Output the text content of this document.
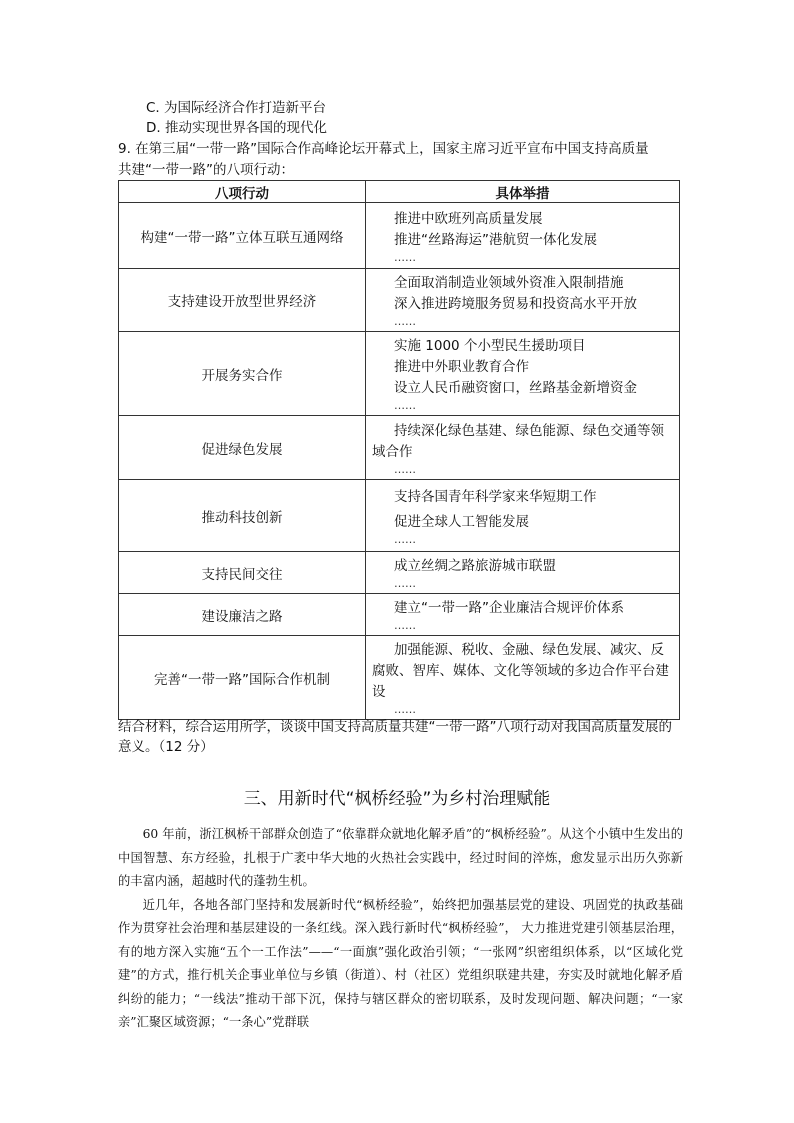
C. 为国际经济合作打造新平台
D. 推动实现世界各国的现代化
9. 在第三届“一带一路”国际合作高峰论坛开幕式上，国家主席习近平宣布中国支持高质量
共建“一带一路”的八项行动：
八项行动	具体举措
构建“一带一路”立体互联互通网络	推进中欧班列高质量发展
推进“丝路海运”港航贸一体化发展
……

支持建设开放型世界经济	全面取消制造业领域外资准入限制措施
深入推进跨境服务贸易和投资高水平开放
……

开展务实合作	实施 1000 个小型民生援助项目
推进中外职业教育合作
设立人民币融资窗口，丝路基金新增资金
……

促进绿色发展	持续深化绿色基建、绿色能源、绿色交通等领域合作
……

推动科技创新	支持各国青年科学家来华短期工作
促进全球人工智能发展
……

支持民间交往	成立丝绸之路旅游城市联盟
……

建设廉洁之路	建立“一带一路”企业廉洁合规评价体系
……

完善“一带一路”国际合作机制	加强能源、税收、金融、绿色发展、减灾、反腐败、智库、媒体、文化等领域的多边合作平台建设
……
结合材料，综合运用所学，谈谈中国支持高质量共建“一带一路”八项行动对我国高质量发展的意义。（12 分）
三、用新时代“枫桥经验”为乡村治理赋能

60 年前，浙江枫桥干部群众创造了“依靠群众就地化解矛盾”的“枫桥经验”。从这个小镇中生发出的中国智慧、东方经验，扎根于广袤中华大地的火热社会实践中，经过时间的淬炼，愈发显示出历久弥新的丰富内涵，超越时代的蓬勃生机。

近几年，各地各部门坚持和发展新时代“枫桥经验”，始终把加强基层党的建设、巩固党的执政基础作为贯穿社会治理和基层建设的一条红线。深入践行新时代“枫桥经验”， 大力推进党建引领基层治理，有的地方深入实施“五个一工作法”——“一面旗”强化政治引领；“一张网”织密组织体系，以“区域化党建”的方式，推行机关企事业单位与乡镇（街道）、村（社区）党组织联建共建，夯实及时就地化解矛盾纠纷的能力；“一线法”推动干部下沉，保持与辖区群众的密切联系，及时发现问题、解决问题；“一家亲”汇聚区域资源；“一条心”党群联
